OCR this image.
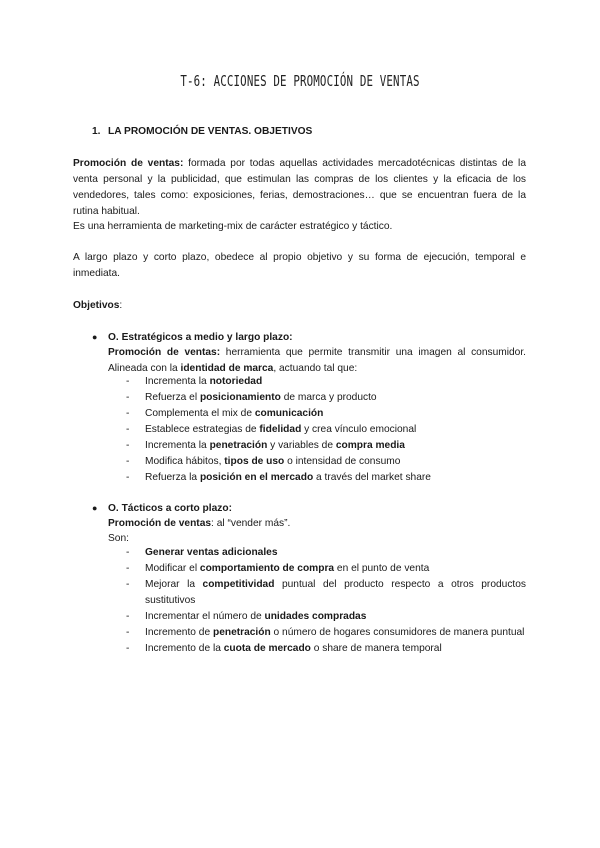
T-6: ACCIONES DE PROMOCIÓN DE VENTAS
1. LA PROMOCIÓN DE VENTAS. OBJETIVOS

Promoción de ventas: formada por todas aquellas actividades mercadotécnicas distintas de la venta personal y la publicidad, que estimulan las compras de los clientes y la eficacia de los vendedores, tales como: exposiciones, ferias, demostraciones… que se encuentran fuera de la rutina habitual.

Es una herramienta de marketing-mix de carácter estratégico y táctico.

A largo plazo y corto plazo, obedece al propio objetivo y su forma de ejecución, temporal e inmediata.

Objetivos:

● O. Estratégicos a medio y largo plazo:

Promoción de ventas: herramienta que permite transmitir una imagen al consumidor. Alineada con la identidad de marca, actuando tal que:

- Incrementa la notoriedad
- Refuerza el posicionamiento de marca y producto
- Complementa el mix de comunicación
- Establece estrategias de fidelidad y crea vínculo emocional
- Incrementa la penetración y variables de compra media
- Modifica hábitos, tipos de uso o intensidad de consumo
- Refuerza la posición en el mercado a través del market share
● O. Tácticos a corto plazo:

Promoción de ventas: al “vender más”.

Son:

- Generar ventas adicionales
- Modificar el comportamiento de compra en el punto de venta
- Mejorar la competitividad puntual del producto respecto a otros productos sustitutivos
- Incrementar el número de unidades compradas
- Incremento de penetración o número de hogares consumidores de manera puntual
- Incremento de la cuota de mercado o share de manera temporal
